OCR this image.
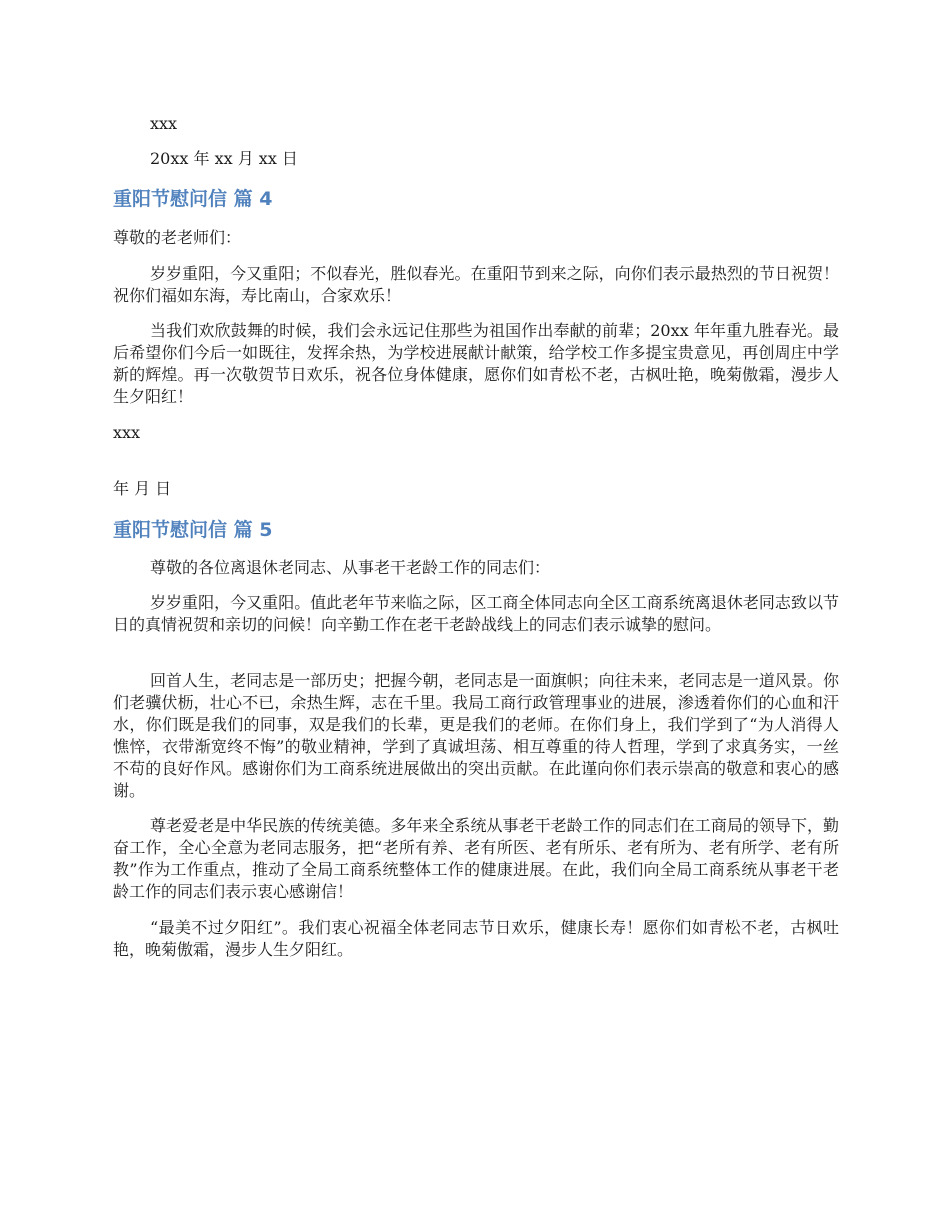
xxx

20xx 年 xx 月 xx 日

重阳节慰问信 篇 4

尊敬的老老师们：

岁岁重阳，今又重阳；不似春光，胜似春光。在重阳节到来之际，向你们表示最热烈的节日祝贺！祝你们福如东海，寿比南山，合家欢乐！

当我们欢欣鼓舞的时候，我们会永远记住那些为祖国作出奉献的前辈；20xx 年年重九胜春光。最后希望你们今后一如既往，发挥余热，为学校进展献计献策，给学校工作多提宝贵意见，再创周庄中学新的辉煌。再一次敬贺节日欢乐，祝各位身体健康，愿你们如青松不老，古枫吐艳，晚菊傲霜，漫步人生夕阳红！

xxx

年 月 日

重阳节慰问信 篇 5

尊敬的各位离退休老同志、从事老干老龄工作的同志们：

岁岁重阳，今又重阳。值此老年节来临之际，区工商全体同志向全区工商系统离退休老同志致以节日的真情祝贺和亲切的问候！向辛勤工作在老干老龄战线上的同志们表示诚挚的慰问。

回首人生，老同志是一部历史；把握今朝，老同志是一面旗帜；向往未来，老同志是一道风景。你们老骥伏枥，壮心不已，余热生辉，志在千里。我局工商行政管理事业的进展，渗透着你们的心血和汗水，你们既是我们的同事，双是我们的长辈，更是我们的老师。在你们身上，我们学到了“为人消得人憔悴，衣带渐宽终不悔”的敬业精神，学到了真诚坦荡、相互尊重的待人哲理，学到了求真务实，一丝不苟的良好作风。感谢你们为工商系统进展做出的突出贡献。在此谨向你们表示崇高的敬意和衷心的感谢。

尊老爱老是中华民族的传统美德。多年来全系统从事老干老龄工作的同志们在工商局的领导下，勤奋工作，全心全意为老同志服务，把“老所有养、老有所医、老有所乐、老有所为、老有所学、老有所教”作为工作重点，推动了全局工商系统整体工作的健康进展。在此，我们向全局工商系统从事老干老龄工作的同志们表示衷心感谢信！

“最美不过夕阳红”。我们衷心祝福全体老同志节日欢乐，健康长寿！愿你们如青松不老，古枫吐艳，晚菊傲霜，漫步人生夕阳红。
